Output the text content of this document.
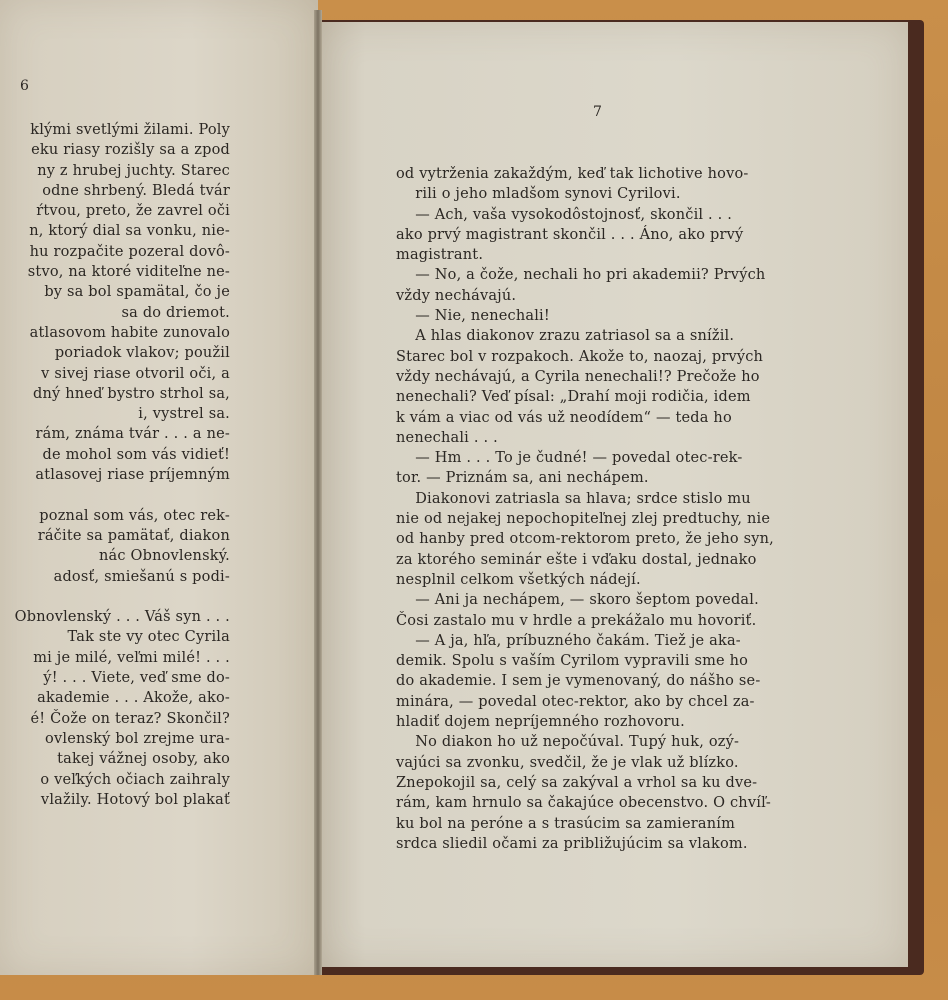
6
klými svetlými žilami. Poly
eku riasy rozišly sa a zpod
ny z hrubej juchty. Starec
odne shrbený. Bledá tvár
ŕtvou, preto, že zavrel oči
n, ktorý dial sa vonku, nie-
hu rozpačite pozeral dovô-
stvo, na ktoré viditeľne ne-
by sa bol spamätal, čo je
sa do driemot.
atlasovom habite zunovalo
poriadok vlakov; použil
v sivej riase otvoril oči, a
dný hneď bystro strhol sa,
i, vystrel sa.
rám, známa tvár . . . a ne-
de mohol som vás vidieť!
atlasovej riase príjemným
poznal som vás, otec rek-
ráčite sa pamätať, diakon
nác Obnovlenský.
adosť, smiešanú s podi-
Obnovlenský . . . Váš syn . . .
Tak ste vy otec Cyrila
mi je milé, veľmi milé! . . .
ý! . . . Viete, veď sme do-
akademie . . . Akože, ako-
é! Čože on teraz? Skončil?
ovlenský bol zrejme ura-
takej vážnej osoby, ako
o veľkých očiach zaihraly
vlažily. Hotový bol plakať
7
od vytrženia zakaždým, keď tak lichotive hovo-
rili o jeho mladšom synovi Cyrilovi.
— Ach, vaša vysokodôstojnosť, skončil . . .
ako prvý magistrant skončil . . . Áno, ako prvý
magistrant.
— No, a čože, nechali ho pri akademii? Prvých
vždy nechávajú.
— Nie, nenechali!
A hlas diakonov zrazu zatriasol sa a snížil.
Starec bol v rozpakoch. Akože to, naozaj, prvých
vždy nechávajú, a Cyrila nenechali!? Prečože ho
nenechali? Veď písal: „Drahí moji rodičia, idem
k vám a viac od vás už neodídem“ — teda ho
nenechali . . .
— Hm . . . To je čudné! — povedal otec-rek-
tor. — Priznám sa, ani nechápem.
Diakonovi zatriasla sa hlava; srdce stislo mu
nie od nejakej nepochopiteľnej zlej predtuchy, nie
od hanby pred otcom-rektorom preto, že jeho syn,
za ktorého seminár ešte i vďaku dostal, jednako
nesplnil celkom všetkých nádejí.
— Ani ja nechápem, — skoro šeptom povedal.
Čosi zastalo mu v hrdle a prekážalo mu hovoriť.
— A ja, hľa, príbuzného čakám. Tiež je aka-
demik. Spolu s vaším Cyrilom vypravili sme ho
do akademie. I sem je vymenovaný, do nášho se-
minára, — povedal otec-rektor, ako by chcel za-
hladiť dojem nepríjemného rozhovoru.
No diakon ho už nepočúval. Tupý huk, ozý-
vajúci sa zvonku, svedčil, že je vlak už blízko.
Znepokojil sa, celý sa zakýval a vrhol sa ku dve-
rám, kam hrnulo sa čakajúce obecenstvo. O chvíľ-
ku bol na peróne a s trasúcim sa zamieraním
srdca sliedil očami za približujúcim sa vlakom.
